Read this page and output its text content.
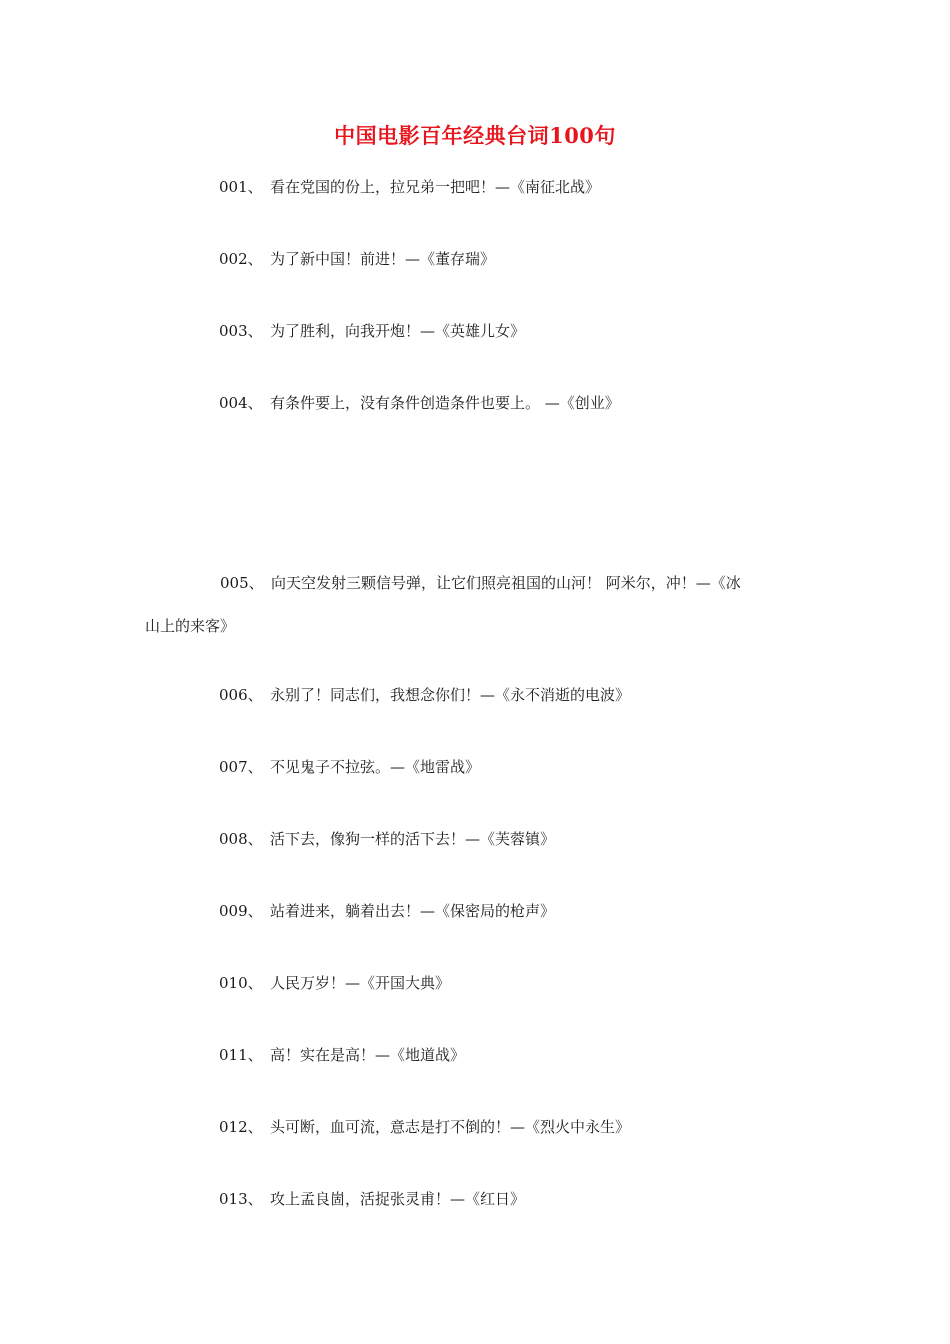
中国电影百年经典台词100句
001、 看在党国的份上，拉兄弟一把吧！—《南征北战》
002、 为了新中国！前进！—《董存瑞》
003、 为了胜利，向我开炮！—《英雄儿女》
004、 有条件要上，没有条件创造条件也要上。 —《创业》
005、 向天空发射三颗信号弹，让它们照亮祖国的山河！ 阿米尔，冲！—《冰
山上的来客》
006、 永别了！同志们，我想念你们！—《永不消逝的电波》
007、 不见鬼子不拉弦。—《地雷战》
008、 活下去，像狗一样的活下去！—《芙蓉镇》
009、 站着进来，躺着出去！—《保密局的枪声》
010、 人民万岁！—《开国大典》
011、 高！实在是高！—《地道战》
012、 头可断，血可流，意志是打不倒的！—《烈火中永生》
013、 攻上孟良崮，活捉张灵甫！—《红日》
